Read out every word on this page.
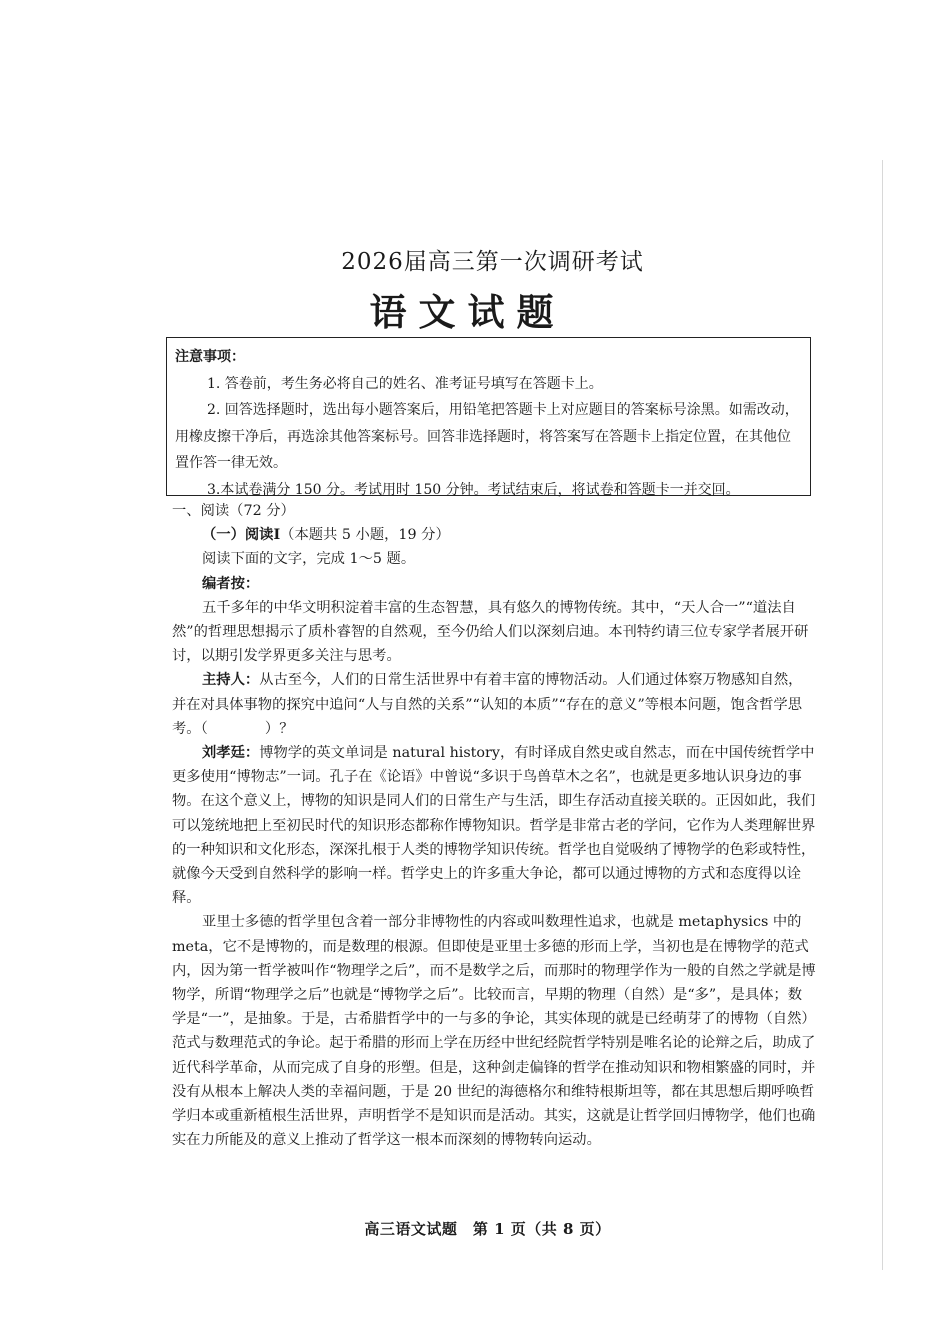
2026届高三第一次调研考试
语文试题

注意事项：

1. 答卷前，考生务必将自己的姓名、准考证号填写在答题卡上。

2. 回答选择题时，选出每小题答案后，用铅笔把答题卡上对应题目的答案标号涂黑。如需改动，用橡皮擦干净后，再选涂其他答案标号。回答非选择题时，将答案写在答题卡上指定位置，在其他位置作答一律无效。

3.本试卷满分 150 分。考试用时 150 分钟。考试结束后，将试卷和答题卡一并交回。

一、阅读（72 分）

（一）阅读Ⅰ（本题共 5 小题，19 分）

阅读下面的文字，完成 1～5 题。

编者按：

五千多年的中华文明积淀着丰富的生态智慧，具有悠久的博物传统。其中，“天人合一”“道法自然”的哲理思想揭示了质朴睿智的自然观，至今仍给人们以深刻启迪。本刊特约请三位专家学者展开研讨，以期引发学界更多关注与思考。

主持人：从古至今，人们的日常生活世界中有着丰富的博物活动。人们通过体察万物感知自然，并在对具体事物的探究中追问“人与自然的关系”“认知的本质”“存在的意义”等根本问题，饱含哲学思考。（　　　　）？

刘孝廷：博物学的英文单词是 natural history，有时译成自然史或自然志，而在中国传统哲学中更多使用“博物志”一词。孔子在《论语》中曾说“多识于鸟兽草木之名”，也就是更多地认识身边的事物。在这个意义上，博物的知识是同人们的日常生产与生活，即生存活动直接关联的。正因如此，我们可以笼统地把上至初民时代的知识形态都称作博物知识。哲学是非常古老的学问，它作为人类理解世界的一种知识和文化形态，深深扎根于人类的博物学知识传统。哲学也自觉吸纳了博物学的色彩或特性，就像今天受到自然科学的影响一样。哲学史上的许多重大争论，都可以通过博物的方式和态度得以诠释。

亚里士多德的哲学里包含着一部分非博物性的内容或叫数理性追求，也就是 metaphysics 中的 meta，它不是博物的，而是数理的根源。但即使是亚里士多德的形而上学，当初也是在博物学的范式内，因为第一哲学被叫作“物理学之后”，而不是数学之后，而那时的物理学作为一般的自然之学就是博物学，所谓“物理学之后”也就是“博物学之后”。比较而言，早期的物理（自然）是“多”，是具体；数学是“一”，是抽象。于是，古希腊哲学中的一与多的争论，其实体现的就是已经萌芽了的博物（自然）范式与数理范式的争论。起于希腊的形而上学在历经中世纪经院哲学特别是唯名论的论辩之后，助成了近代科学革命，从而完成了自身的形塑。但是，这种剑走偏锋的哲学在推动知识和物相繁盛的同时，并没有从根本上解决人类的幸福问题，于是 20 世纪的海德格尔和维特根斯坦等，都在其思想后期呼唤哲学归本或重新植根生活世界，声明哲学不是知识而是活动。其实，这就是让哲学回归博物学，他们也确实在力所能及的意义上推动了哲学这一根本而深刻的博物转向运动。

高三语文试题　第 1 页（共 8 页）
